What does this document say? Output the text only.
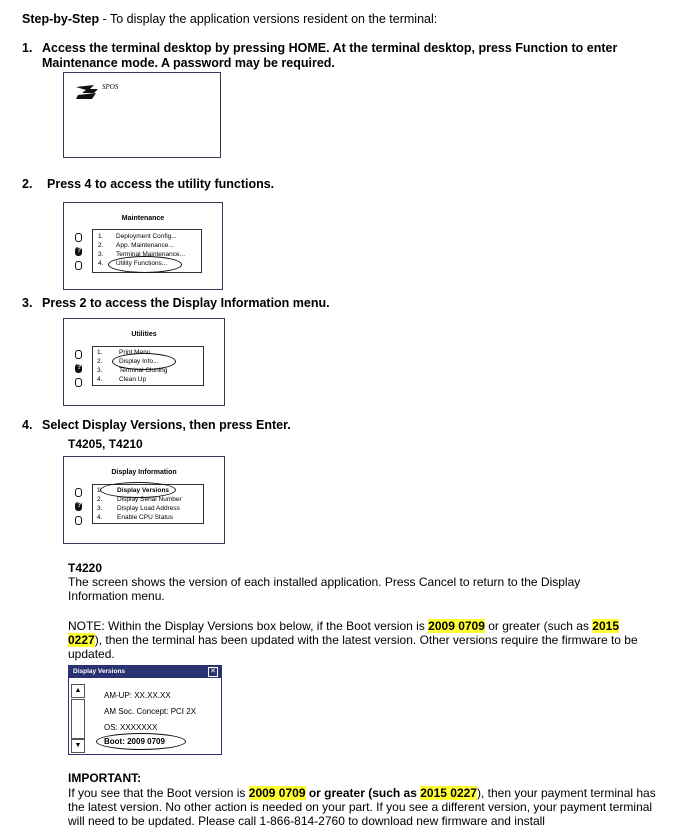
Step-by-Step - To display the application versions resident on the terminal:
1. Access the terminal desktop by pressing HOME. At the terminal desktop, press Function to enter Maintenance mode. A password may be required.
SPOS
2. Press 4 to access the utility functions.
Maintenance
?
1. Deployment Config...
2. App. Maintenance...
3. Terminal Maintenance...
4. Utility Functions...
3. Press 2 to access the Display Information menu.
Utilities
?
1.	Print Menu
2.	Display Info...
3.	Terminal Cloning
4.	Clean Up
4. Select Display Versions, then press Enter.
T4205, T4210
Display Information
?
1. Display Versions
2. Display Serial Number
3. Display Load Address
4. Enable CPU Status
T4220
The screen shows the version of each installed application. Press Cancel to return to the Display Information menu.
NOTE: Within the Display Versions box below, if the Boot version is 2009 0709 or greater (such as 2015 0227), then the terminal has been updated with the latest version. Other versions require the firmware to be updated.
Display Versions	✕
▲
▼
AM-UP: XX.XX.XX
AM Soc. Concept: PCI 2X
OS: XXXXXXX
Boot: 2009 0709
IMPORTANT:
If you see that the Boot version is 2009 0709 or greater (such as 2015 0227), then your payment terminal has the latest version. No other action is needed on your part. If you see a different version, your payment terminal will need to be updated. Please call 1-866-814-2760 to download new firmware and install
